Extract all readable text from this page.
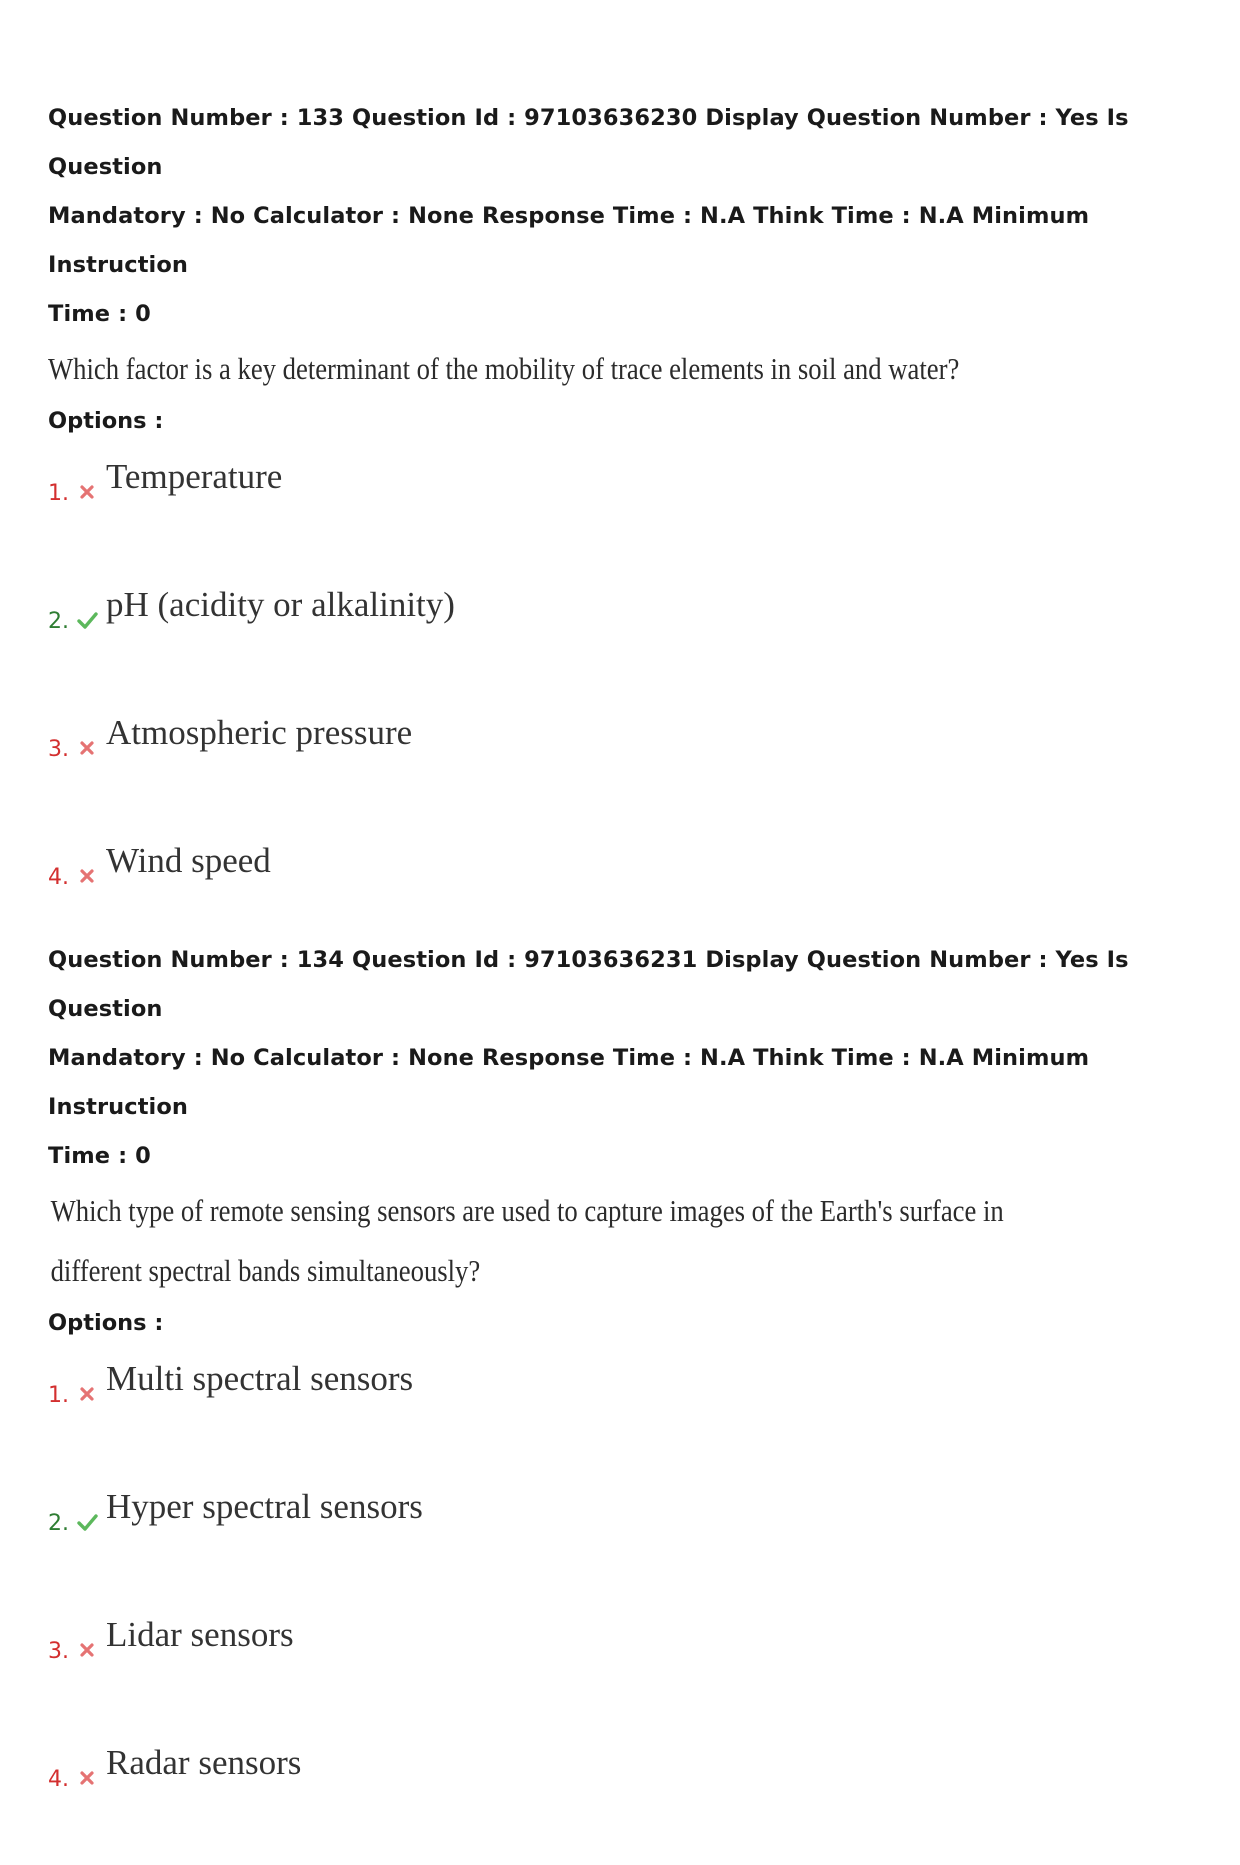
Question Number : 133 Question Id : 97103636230 Display Question Number : Yes Is Question

Mandatory : No Calculator : None Response Time : N.A Think Time : N.A Minimum Instruction

Time : 0

Which factor is a key determinant of the mobility of trace elements in soil and water?

Options :

1. Temperature
2. pH (acidity or alkalinity)
3. Atmospheric pressure
4. Wind speed

Question Number : 134 Question Id : 97103636231 Display Question Number : Yes Is Question

Mandatory : No Calculator : None Response Time : N.A Think Time : N.A Minimum Instruction

Time : 0

Which type of remote sensing sensors are used to capture images of the Earth's surface in

different spectral bands simultaneously?

Options :

1. Multi spectral sensors
2. Hyper spectral sensors
3. Lidar sensors
4. Radar sensors
